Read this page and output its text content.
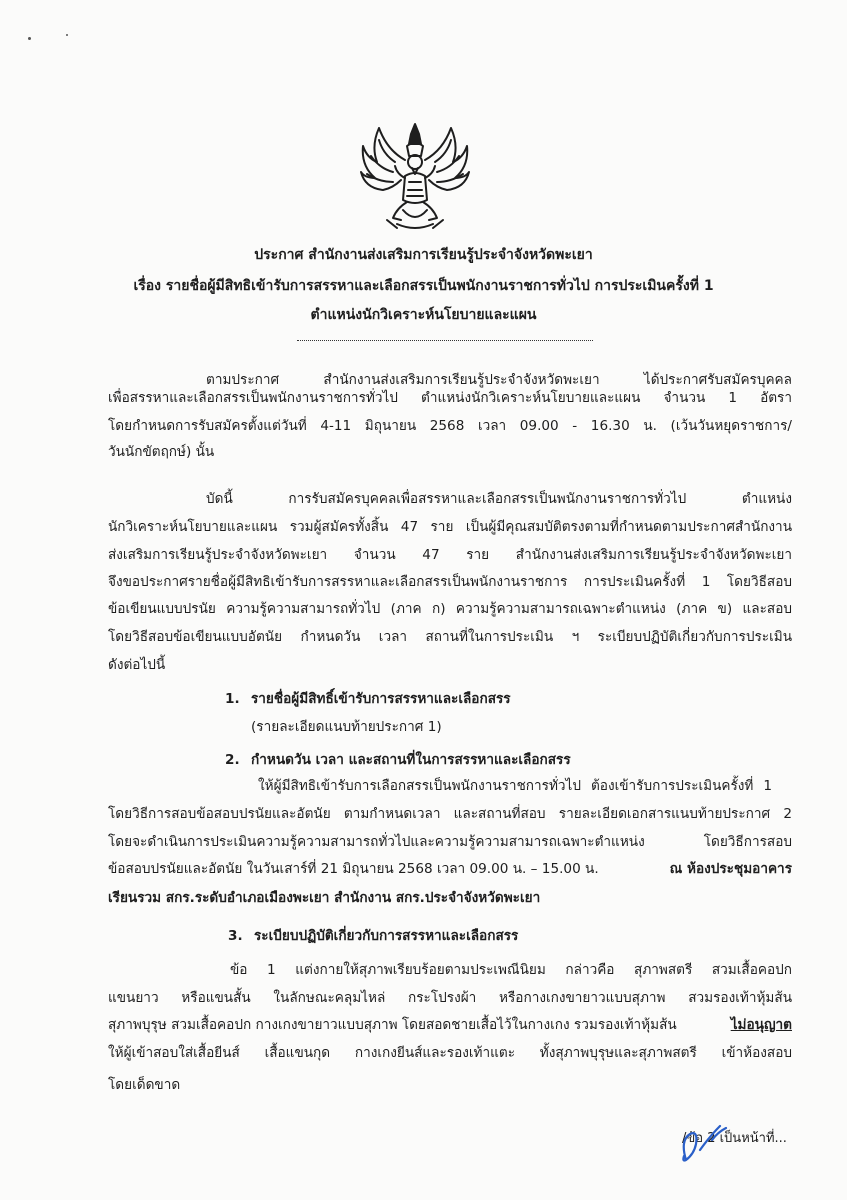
ประกาศ สำนักงานส่งเสริมการเรียนรู้ประจำจังหวัดพะเยา
เรื่อง รายชื่อผู้มีสิทธิเข้ารับการสรรหาและเลือกสรรเป็นพนักงานราชการทั่วไป การประเมินครั้งที่ 1
ตำแหน่งนักวิเคราะห์นโยบายและแผน
ตามประกาศ สำนักงานส่งเสริมการเรียนรู้ประจำจังหวัดพะเยา ได้ประกาศรับสมัครบุคคล
เพื่อสรรหาและเลือกสรรเป็นพนักงานราชการทั่วไป ตำแหน่งนักวิเคราะห์นโยบายและแผน จำนวน 1 อัตรา
โดยกำหนดการรับสมัครตั้งแต่วันที่ 4-11 มิถุนายน 2568 เวลา 09.00 - 16.30 น. (เว้นวันหยุดราชการ/
วันนักขัตฤกษ์) นั้น
บัดนี้ การรับสมัครบุคคลเพื่อสรรหาและเลือกสรรเป็นพนักงานราชการทั่วไป ตำแหน่ง
นักวิเคราะห์นโยบายและแผน รวมผู้สมัครทั้งสิ้น 47 ราย เป็นผู้มีคุณสมบัติตรงตามที่กำหนดตามประกาศสำนักงาน
ส่งเสริมการเรียนรู้ประจำจังหวัดพะเยา จำนวน 47 ราย สำนักงานส่งเสริมการเรียนรู้ประจำจังหวัดพะเยา
จึงขอประกาศรายชื่อผู้มีสิทธิเข้ารับการสรรหาและเลือกสรรเป็นพนักงานราชการ การประเมินครั้งที่ 1 โดยวิธีสอบ
ข้อเขียนแบบปรนัย ความรู้ความสามารถทั่วไป (ภาค ก) ความรู้ความสามารถเฉพาะตำแหน่ง (ภาค ข) และสอบ
โดยวิธีสอบข้อเขียนแบบอัตนัย กำหนดวัน เวลา สถานที่ในการประเมิน ฯ ระเบียบปฏิบัติเกี่ยวกับการประเมิน
ดังต่อไปนี้
1. รายชื่อผู้มีสิทธิ์เข้ารับการสรรหาและเลือกสรร
(รายละเอียดแนบท้ายประกาศ 1)
2. กำหนดวัน เวลา และสถานที่ในการสรรหาและเลือกสรร
ให้ผู้มีสิทธิเข้ารับการเลือกสรรเป็นพนักงานราชการทั่วไป ต้องเข้ารับการประเมินครั้งที่ 1
โดยวิธีการสอบข้อสอบปรนัยและอัตนัย ตามกำหนดเวลา และสถานที่สอบ รายละเอียดเอกสารแนบท้ายประกาศ 2
โดยจะดำเนินการประเมินความรู้ความสามารถทั่วไปและความรู้ความสามารถเฉพาะตำแหน่ง โดยวิธีการสอบ
ข้อสอบปรนัยและอัตนัย ในวันเสาร์ที่ 21 มิถุนายน 2568 เวลา 09.00 น. – 15.00 น.	ณ ห้องประชุมอาคาร
เรียนรวม สกร.ระดับอำเภอเมืองพะเยา สำนักงาน สกร.ประจำจังหวัดพะเยา
3. ระเบียบปฏิบัติเกี่ยวกับการสรรหาและเลือกสรร
ข้อ 1 แต่งกายให้สุภาพเรียบร้อยตามประเพณีนิยม กล่าวคือ สุภาพสตรี สวมเสื้อคอปก
แขนยาว หรือแขนสั้น ในลักษณะคลุมไหล่ กระโปรงผ้า หรือกางเกงขายาวแบบสุภาพ สวมรองเท้าหุ้มส้น
สุภาพบุรุษ สวมเสื้อคอปก กางเกงขายาวแบบสุภาพ โดยสอดชายเสื้อไว้ในกางเกง รวมรองเท้าหุ้มส้น	ไม่อนุญาต
ให้ผู้เข้าสอบใส่เสื้อยีนส์ เสื้อแขนกุด กางเกงยีนส์และรองเท้าแตะ ทั้งสุภาพบุรุษและสุภาพสตรี เข้าห้องสอบ
โดยเด็ดขาด
/ข้อ 2 เป็นหน้าที่...
